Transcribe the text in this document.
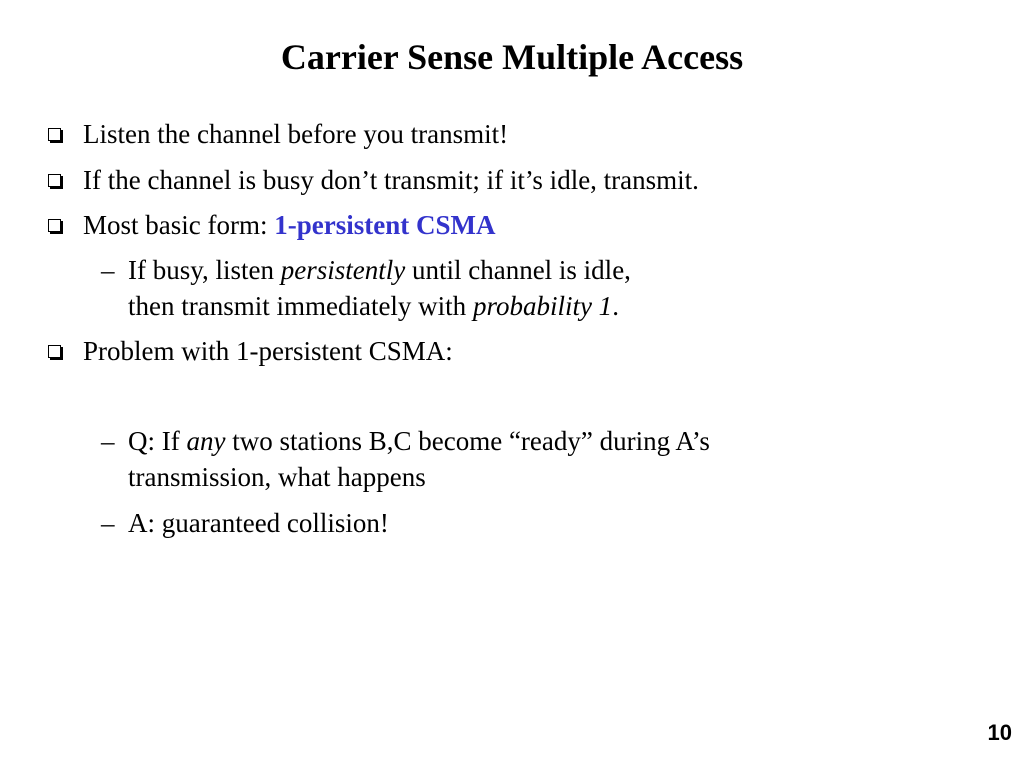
Carrier Sense Multiple Access
Listen the channel before you transmit!
If the channel is busy don’t transmit; if it’s idle, transmit.
Most basic form: 1-persistent CSMA
– If busy, listen persistently until channel is idle,
then transmit immediately with probability 1.
Problem with 1-persistent CSMA:
– Q: If any two stations B,C become “ready” during A’s
transmission, what happens
– A: guaranteed collision!
10
